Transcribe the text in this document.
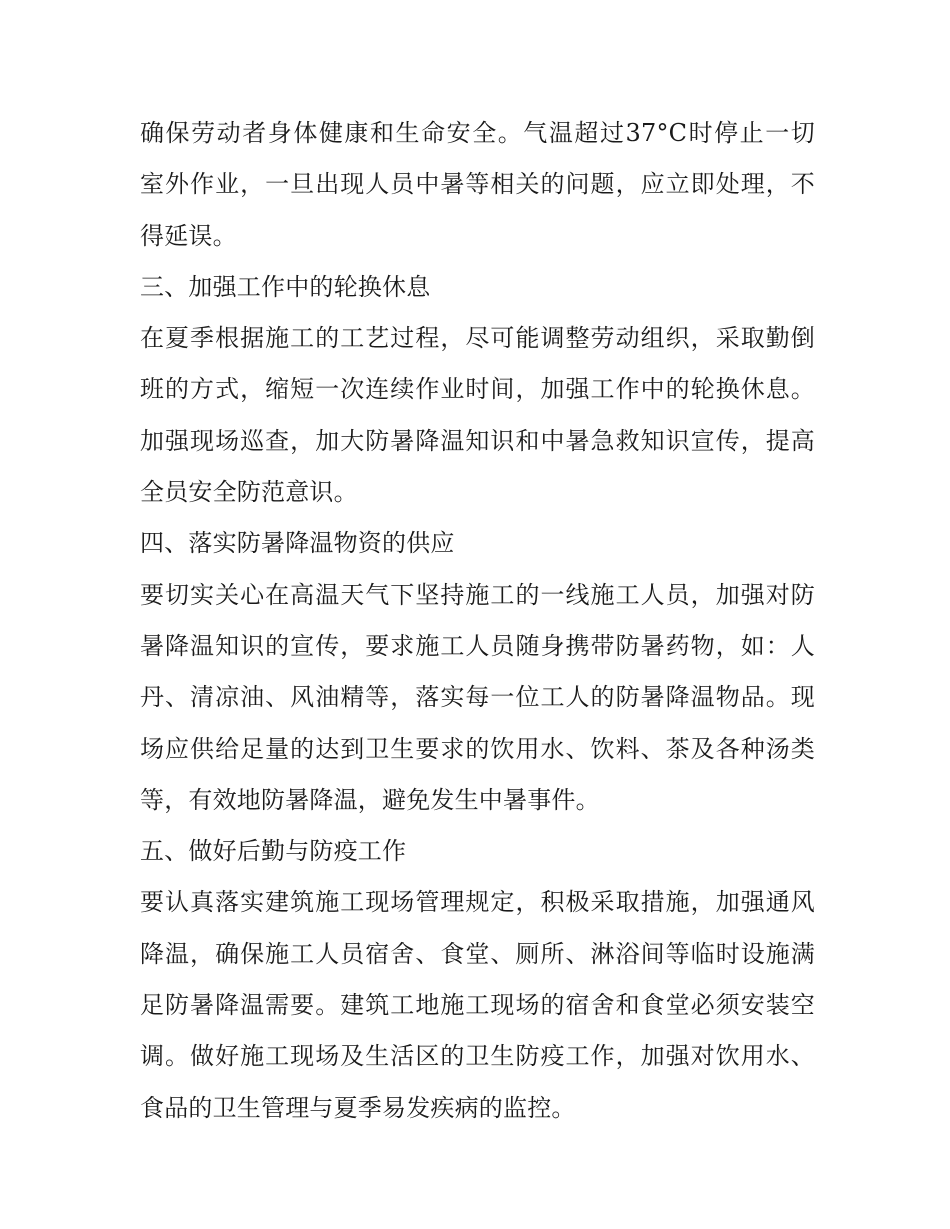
确保劳动者身体健康和生命安全。气温超过37°C时停止一切
室外作业，一旦出现人员中暑等相关的问题，应立即处理，不
得延误。
三、加强工作中的轮换休息
在夏季根据施工的工艺过程，尽可能调整劳动组织，采取勤倒
班的方式，缩短一次连续作业时间，加强工作中的轮换休息。
加强现场巡查，加大防暑降温知识和中暑急救知识宣传，提高
全员安全防范意识。
四、落实防暑降温物资的供应
要切实关心在高温天气下坚持施工的一线施工人员，加强对防
暑降温知识的宣传，要求施工人员随身携带防暑药物，如：人
丹、清凉油、风油精等，落实每一位工人的防暑降温物品。现
场应供给足量的达到卫生要求的饮用水、饮料、茶及各种汤类
等，有效地防暑降温，避免发生中暑事件。
五、做好后勤与防疫工作
要认真落实建筑施工现场管理规定，积极采取措施，加强通风
降温，确保施工人员宿舍、食堂、厕所、淋浴间等临时设施满
足防暑降温需要。建筑工地施工现场的宿舍和食堂必须安装空
调。做好施工现场及生活区的卫生防疫工作，加强对饮用水、
食品的卫生管理与夏季易发疾病的监控。
